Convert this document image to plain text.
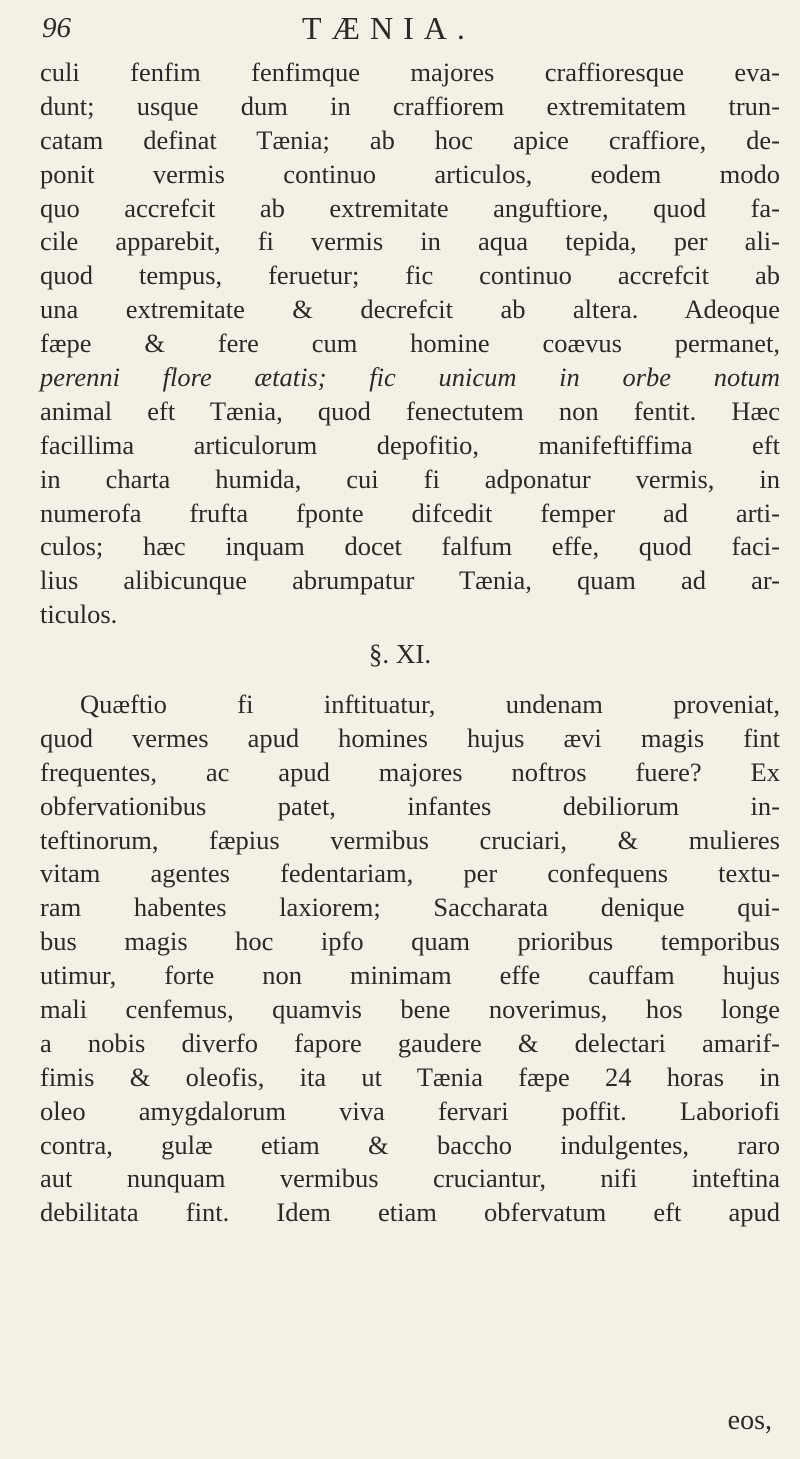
96	TÆNIA.
culi fenfim fenfimque majores craffioresque eva-
dunt; usque dum in craffiorem extremitatem trun-
catam definat Tænia; ab hoc apice craffiore, de-
ponit vermis continuo articulos, eodem modo
quo accrefcit ab extremitate anguftiore, quod fa-
cile apparebit, fi vermis in aqua tepida, per ali-
quod tempus, feruetur; fic continuo accrefcit ab
una extremitate & decrefcit ab altera. Adeoque
fæpe & fere cum homine coævus permanet,
perenni flore ætatis; fic unicum in orbe notum
animal eft Tænia, quod fenectutem non fentit. Hæc
facillima articulorum depofitio, manifeftiffima eft
in charta humida, cui fi adponatur vermis, in
numerofa frufta fponte difcedit femper ad arti-
culos; hæc inquam docet falfum effe, quod faci-
lius alibicunque abrumpatur Tænia, quam ad ar-
ticulos.
§. XI.
Quæftio fi inftituatur, undenam proveniat,
quod vermes apud homines hujus ævi magis fint
frequentes, ac apud majores noftros fuere? Ex
obfervationibus patet, infantes debiliorum in-
teftinorum, fæpius vermibus cruciari, & mulieres
vitam agentes fedentariam, per confequens textu-
ram habentes laxiorem; Saccharata denique qui-
bus magis hoc ipfo quam prioribus temporibus
utimur, forte non minimam effe cauffam hujus
mali cenfemus, quamvis bene noverimus, hos longe
a nobis diverfo fapore gaudere & delectari amarif-
fimis & oleofis, ita ut Tænia fæpe 24 horas in
oleo amygdalorum viva fervari poffit. Laboriofi
contra, gulæ etiam & baccho indulgentes, raro
aut nunquam vermibus cruciantur, nifi inteftina
debilitata fint. Idem etiam obfervatum eft apud
eos,
